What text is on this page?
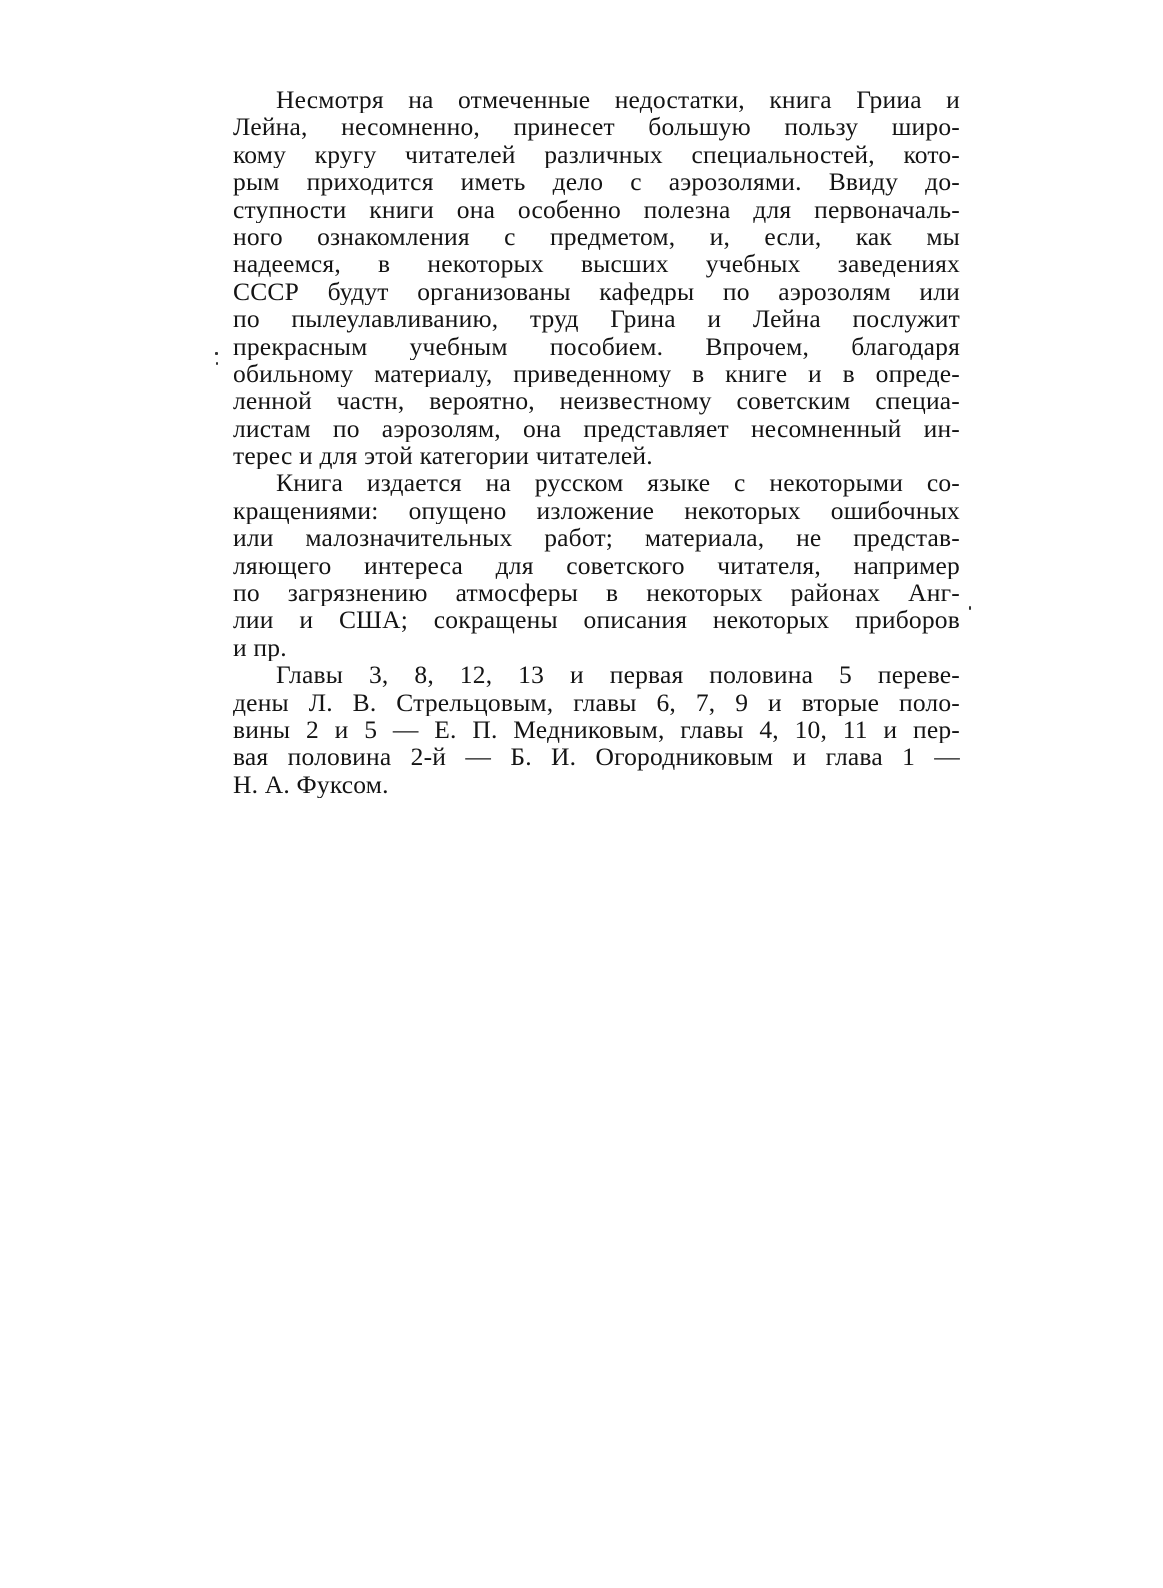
Несмотря на отмеченные недостатки, книга Грииа и
Лейна, несомненно, принесет большую пользу широ-
кому кругу читателей различных специальностей, кото-
рым приходится иметь дело с аэрозолями. Ввиду до-
ступности книги она особенно полезна для первоначаль-
ного ознакомления с предметом, и, если, как мы
надеемся, в некоторых высших учебных заведениях
СССР будут организованы кафедры по аэрозолям или
по пылеулавливанию, труд Грина и Лейна послужит
прекрасным учебным пособием. Впрочем, благодаря
обильному материалу, приведенному в книге и в опреде-
ленной частн, вероятно, неизвестному советским специа-
листам по аэрозолям, она представляет несомненный ин-
терес и для этой категории читателей.
Книга издается на русском языке с некоторыми со-
кращениями: опущено изложение некоторых ошибочных
или малозначительных работ; материала, не представ-
ляющего интереса для советского читателя, например
по загрязнению атмосферы в некоторых районах Анг-
лии и США; сокращены описания некоторых приборов
и пр.
Главы 3, 8, 12, 13 и первая половина 5 переве-
дены Л. В. Стрельцовым, главы 6, 7, 9 и вторые поло-
вины 2 и 5 — Е. П. Медниковым, главы 4, 10, 11 и пер-
вая половина 2-й — Б. И. Огородниковым и глава 1 —
Н. А. Фуксом.
